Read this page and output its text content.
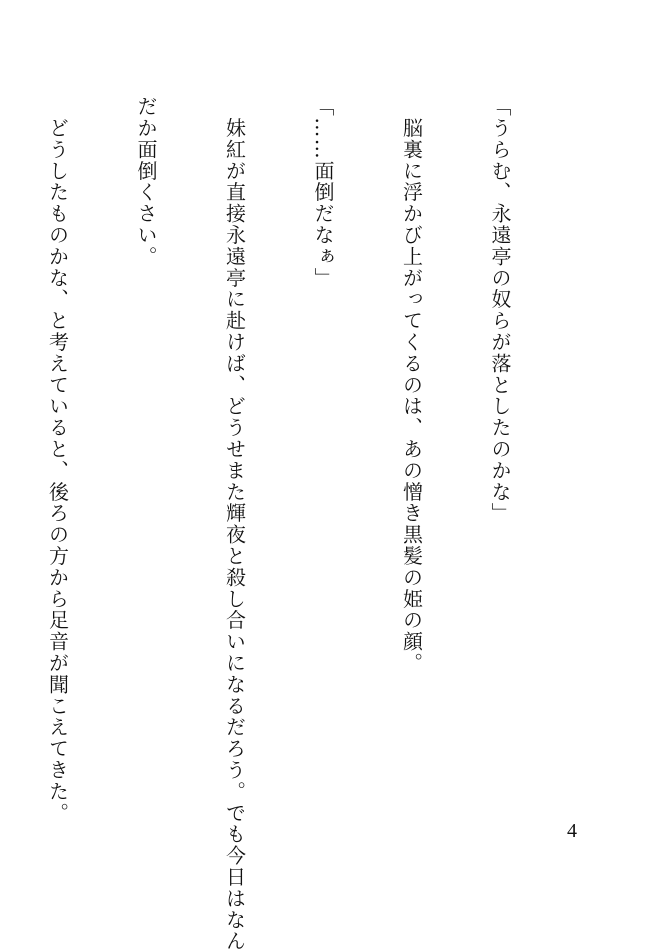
「うらむ、永遠亭の奴らが落としたのかな」

　脳裏に浮かび上がってくるのは、あの憎き黒髪の姫の顔。

「……面倒だなぁ」

　妹紅が直接永遠亭に赴けば、どうせまた輝夜と殺し合いになるだろう。でも今日はなん

だか面倒くさい。

　どうしたものかな、と考えていると、後ろの方から足音が聞こえてきた。

4
